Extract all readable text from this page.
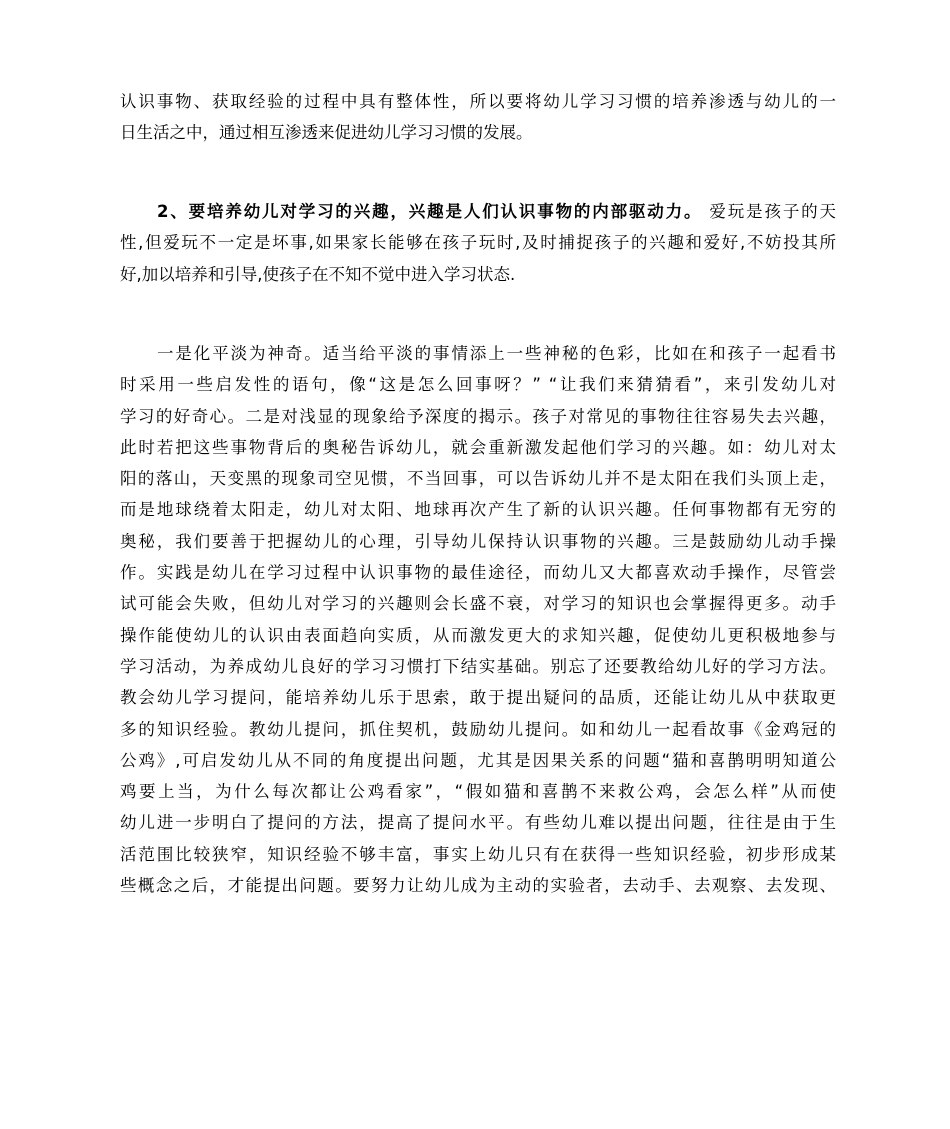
认识事物、获取经验的过程中具有整体性，所以要将幼儿学习习惯的培养渗透与幼儿的一
日生活之中，通过相互渗透来促进幼儿学习习惯的发展。
2、要培养幼儿对学习的兴趣，兴趣是人们认识事物的内部驱动力。 爱玩是孩子的天
性,但爱玩不一定是坏事,如果家长能够在孩子玩时,及时捕捉孩子的兴趣和爱好,不妨投其所
好,加以培养和引导,使孩子在不知不觉中进入学习状态.
一是化平淡为神奇。适当给平淡的事情添上一些神秘的色彩，比如在和孩子一起看书
时采用一些启发性的语句，像“这是怎么回事呀？” “让我们来猜猜看”，来引发幼儿对
学习的好奇心。二是对浅显的现象给予深度的揭示。孩子对常见的事物往往容易失去兴趣，
此时若把这些事物背后的奥秘告诉幼儿，就会重新激发起他们学习的兴趣。如：幼儿对太
阳的落山，天变黑的现象司空见惯，不当回事，可以告诉幼儿并不是太阳在我们头顶上走，
而是地球绕着太阳走，幼儿对太阳、地球再次产生了新的认识兴趣。任何事物都有无穷的
奥秘，我们要善于把握幼儿的心理，引导幼儿保持认识事物的兴趣。三是鼓励幼儿动手操
作。实践是幼儿在学习过程中认识事物的最佳途径，而幼儿又大都喜欢动手操作，尽管尝
试可能会失败，但幼儿对学习的兴趣则会长盛不衰，对学习的知识也会掌握得更多。动手
操作能使幼儿的认识由表面趋向实质，从而激发更大的求知兴趣，促使幼儿更积极地参与
学习活动，为养成幼儿良好的学习习惯打下结实基础。别忘了还要教给幼儿好的学习方法。
教会幼儿学习提问，能培养幼儿乐于思索，敢于提出疑问的品质，还能让幼儿从中获取更
多的知识经验。教幼儿提问，抓住契机，鼓励幼儿提问。如和幼儿一起看故事《金鸡冠的
公鸡》,可启发幼儿从不同的角度提出问题，尤其是因果关系的问题“猫和喜鹊明明知道公
鸡要上当，为什么每次都让公鸡看家”，“假如猫和喜鹊不来救公鸡，会怎么样”从而使
幼儿进一步明白了提问的方法，提高了提问水平。有些幼儿难以提出问题，往往是由于生
活范围比较狭窄，知识经验不够丰富，事实上幼儿只有在获得一些知识经验，初步形成某
些概念之后，才能提出问题。要努力让幼儿成为主动的实验者，去动手、去观察、去发现、
